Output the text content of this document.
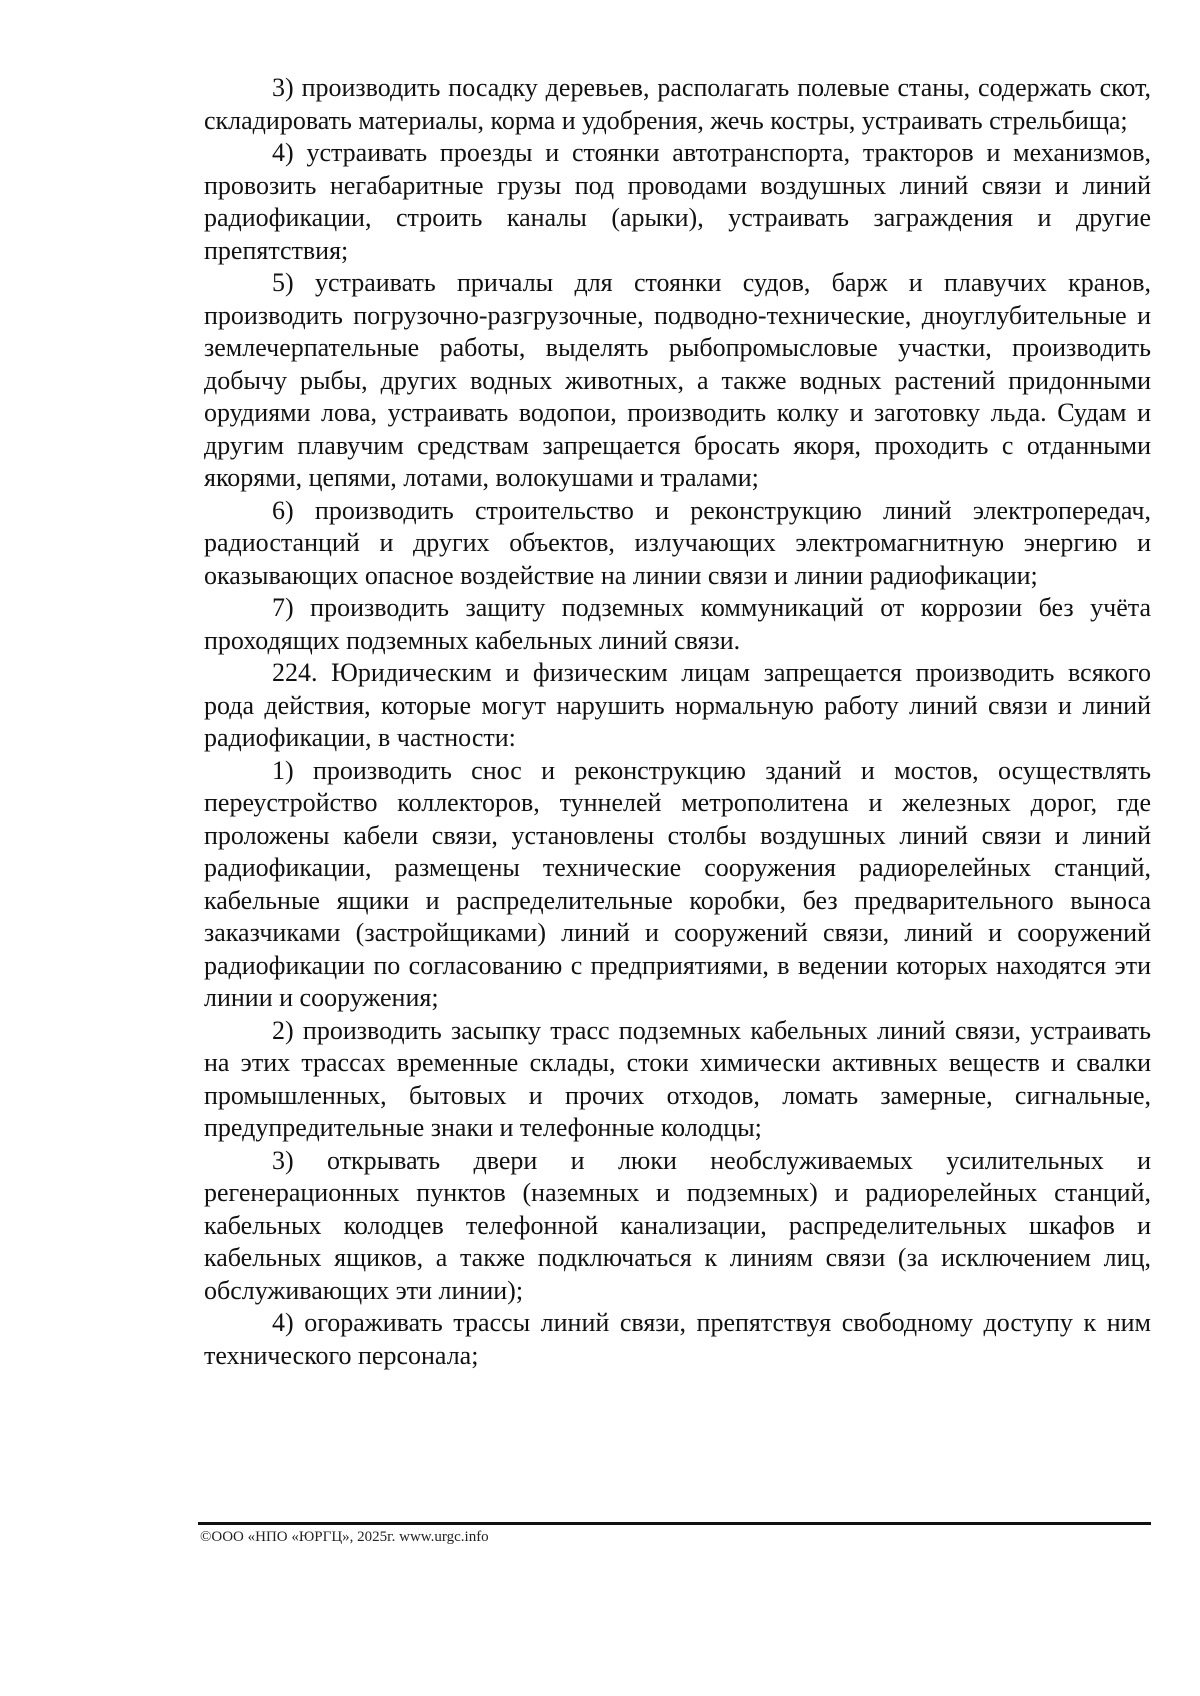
3) производить посадку деревьев, располагать полевые станы, содержать скот, складировать материалы, корма и удобрения, жечь костры, устраивать стрельбища;

4) устраивать проезды и стоянки автотранспорта, тракторов и механизмов, провозить негабаритные грузы под проводами воздушных линий связи и линий радиофикации, строить каналы (арыки), устраивать заграждения и другие препятствия;

5) устраивать причалы для стоянки судов, барж и плавучих кранов, производить погрузочно-разгрузочные, подводно-технические, дноуглубительные и землечерпательные работы, выделять рыбопромысловые участки, производить добычу рыбы, других водных животных, а также водных растений придонными орудиями лова, устраивать водопои, производить колку и заготовку льда. Судам и другим плавучим средствам запрещается бросать якоря, проходить с отданными якорями, цепями, лотами, волокушами и тралами;

6) производить строительство и реконструкцию линий электропередач, радиостанций и других объектов, излучающих электромагнитную энергию и оказывающих опасное воздействие на линии связи и линии радиофикации;

7) производить защиту подземных коммуникаций от коррозии без учёта проходящих подземных кабельных линий связи.

224. Юридическим и физическим лицам запрещается производить всякого рода действия, которые могут нарушить нормальную работу линий связи и линий радиофикации, в частности:

1) производить снос и реконструкцию зданий и мостов, осуществлять переустройство коллекторов, туннелей метрополитена и железных дорог, где проложены кабели связи, установлены столбы воздушных линий связи и линий радиофикации, размещены технические сооружения радиорелейных станций, кабельные ящики и распределительные коробки, без предварительного выноса заказчиками (застройщиками) линий и сооружений связи, линий и сооружений радиофикации по согласованию с предприятиями, в ведении которых находятся эти линии и сооружения;

2) производить засыпку трасс подземных кабельных линий связи, устраивать на этих трассах временные склады, стоки химически активных веществ и свалки промышленных, бытовых и прочих отходов, ломать замерные, сигнальные, предупредительные знаки и телефонные колодцы;

3) открывать двери и люки необслуживаемых усилительных и регенерационных пунктов (наземных и подземных) и радиорелейных станций, кабельных колодцев телефонной канализации, распределительных шкафов и кабельных ящиков, а также подключаться к линиям связи (за исключением лиц, обслуживающих эти линии);

4) огораживать трассы линий связи, препятствуя свободному доступу к ним технического персонала;

©ООО «НПО «ЮРГЦ», 2025г. www.urgc.info
